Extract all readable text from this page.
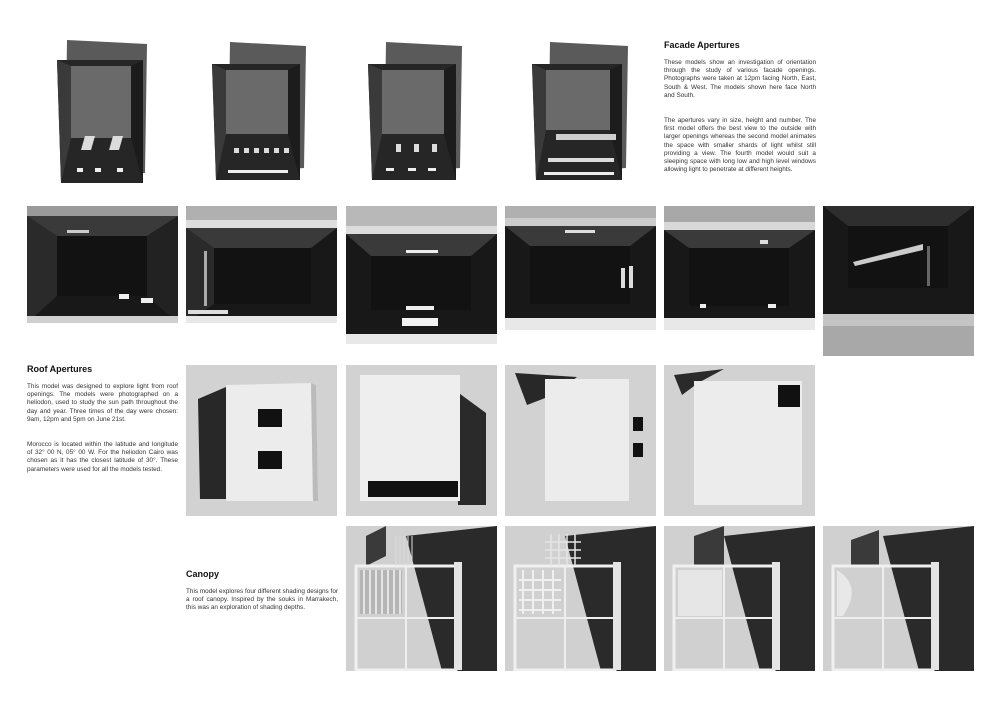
Facade Apertures

These models show an investigation of orientation through the study of various facade openings. Photographs were taken at 12pm facing North, East, South & West. The models shown here face North and South.

The apertures vary in size, height and number. The first model offers the best view to the outside with larger openings whereas the second model animates the space with smaller shards of light whilst still providing a view. The fourth model would suit a sleeping space with long low and high level windows allowing light to penetrate at different heights.

Roof Apertures

This model was designed to explore light from roof openings. The models were photographed on a heliodon, used to study the sun path throughout the day and year. Three times of the day were chosen: 9am, 12pm and 5pm on June 21st.

Morocco is located within the latitude and longitude of 32° 00 N, 05° 00 W. For the heliodon Cairo was chosen as it has the closest latitude of 30°. These parameters were used for all the models tested.

Canopy

This model explores four different shading designs for a roof canopy. Inspired by the souks in Marrakech, this was an exploration of shading depths.
